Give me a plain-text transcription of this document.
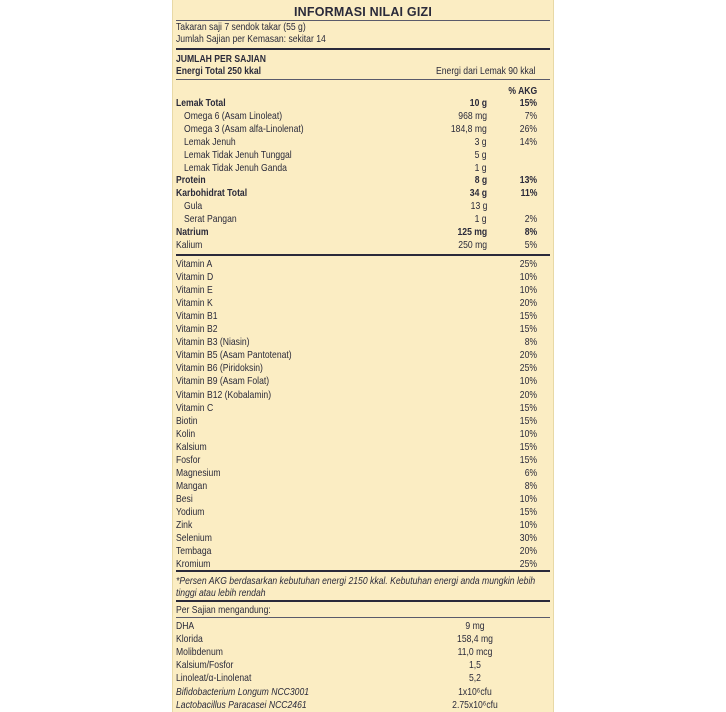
INFORMASI NILAI GIZI
Takaran saji 7 sendok takar (55 g)
Jumlah Sajian per Kemasan: sekitar 14
JUMLAH PER SAJIAN
Energi Total 250 kkal	Energi dari Lemak 90 kkal
% AKG
Lemak Total	10 g	15%
Omega 6 (Asam Linoleat)	968 mg	7%
Omega 3 (Asam alfa-Linolenat)	184,8 mg	26%
Lemak Jenuh	3 g	14%
Lemak Tidak Jenuh Tunggal	5 g
Lemak Tidak Jenuh Ganda	1 g
Protein	8 g	13%
Karbohidrat Total	34 g	11%
Gula	13 g
Serat Pangan	1 g	2%
Natrium	125 mg	8%
Kalium	250 mg	5%
Vitamin A	25%
Vitamin D	10%
Vitamin E	10%
Vitamin K	20%
Vitamin B1	15%
Vitamin B2	15%
Vitamin B3 (Niasin)	8%
Vitamin B5 (Asam Pantotenat)	20%
Vitamin B6 (Piridoksin)	25%
Vitamin B9 (Asam Folat)	10%
Vitamin B12 (Kobalamin)	20%
Vitamin C	15%
Biotin	15%
Kolin	10%
Kalsium	15%
Fosfor	15%
Magnesium	6%
Mangan	8%
Besi	10%
Yodium	15%
Zink	10%
Selenium	30%
Tembaga	20%
Kromium	25%
*Persen AKG berdasarkan kebutuhan energi 2150 kkal. Kebutuhan energi anda mungkin lebih
tinggi atau lebih rendah
Per Sajian mengandung:
DHA	9 mg
Klorida	158,4 mg
Molibdenum	11,0 mcg
Kalsium/Fosfor	1,5
Linoleat/α-Linolenat	5,2
Bifidobacterium Longum NCC3001	1x10⁶cfu
Lactobacillus Paracasei NCC2461	2.75x10⁶cfu
